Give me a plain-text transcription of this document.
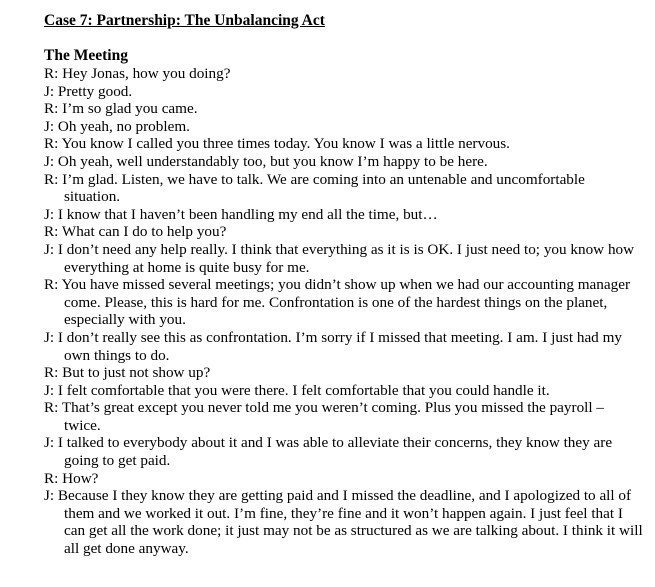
Case 7: Partnership: The Unbalancing Act
The Meeting

R: Hey Jonas, how you doing?

J: Pretty good.

R: I’m so glad you came.

J: Oh yeah, no problem.

R: You know I called you three times today. You know I was a little nervous.

J: Oh yeah, well understandably too, but you know I’m happy to be here.

R: I’m glad. Listen, we have to talk. We are coming into an untenable and uncomfortable situation.

J: I know that I haven’t been handling my end all the time, but…

R: What can I do to help you?

J: I don’t need any help really. I think that everything as it is is OK. I just need to; you know how everything at home is quite busy for me.

R: You have missed several meetings; you didn’t show up when we had our accounting manager come. Please, this is hard for me. Confrontation is one of the hardest things on the planet, especially with you.

J: I don’t really see this as confrontation. I’m sorry if I missed that meeting. I am. I just had my own things to do.

R: But to just not show up?

J: I felt comfortable that you were there. I felt comfortable that you could handle it.

R: That’s great except you never told me you weren’t coming. Plus you missed the payroll – twice.

J: I talked to everybody about it and I was able to alleviate their concerns, they know they are going to get paid.

R: How?

J: Because I they know they are getting paid and I missed the deadline, and I apologized to all of them and we worked it out. I’m fine, they’re fine and it won’t happen again. I just feel that I can get all the work done; it just may not be as structured as we are talking about. I think it will all get done anyway.
